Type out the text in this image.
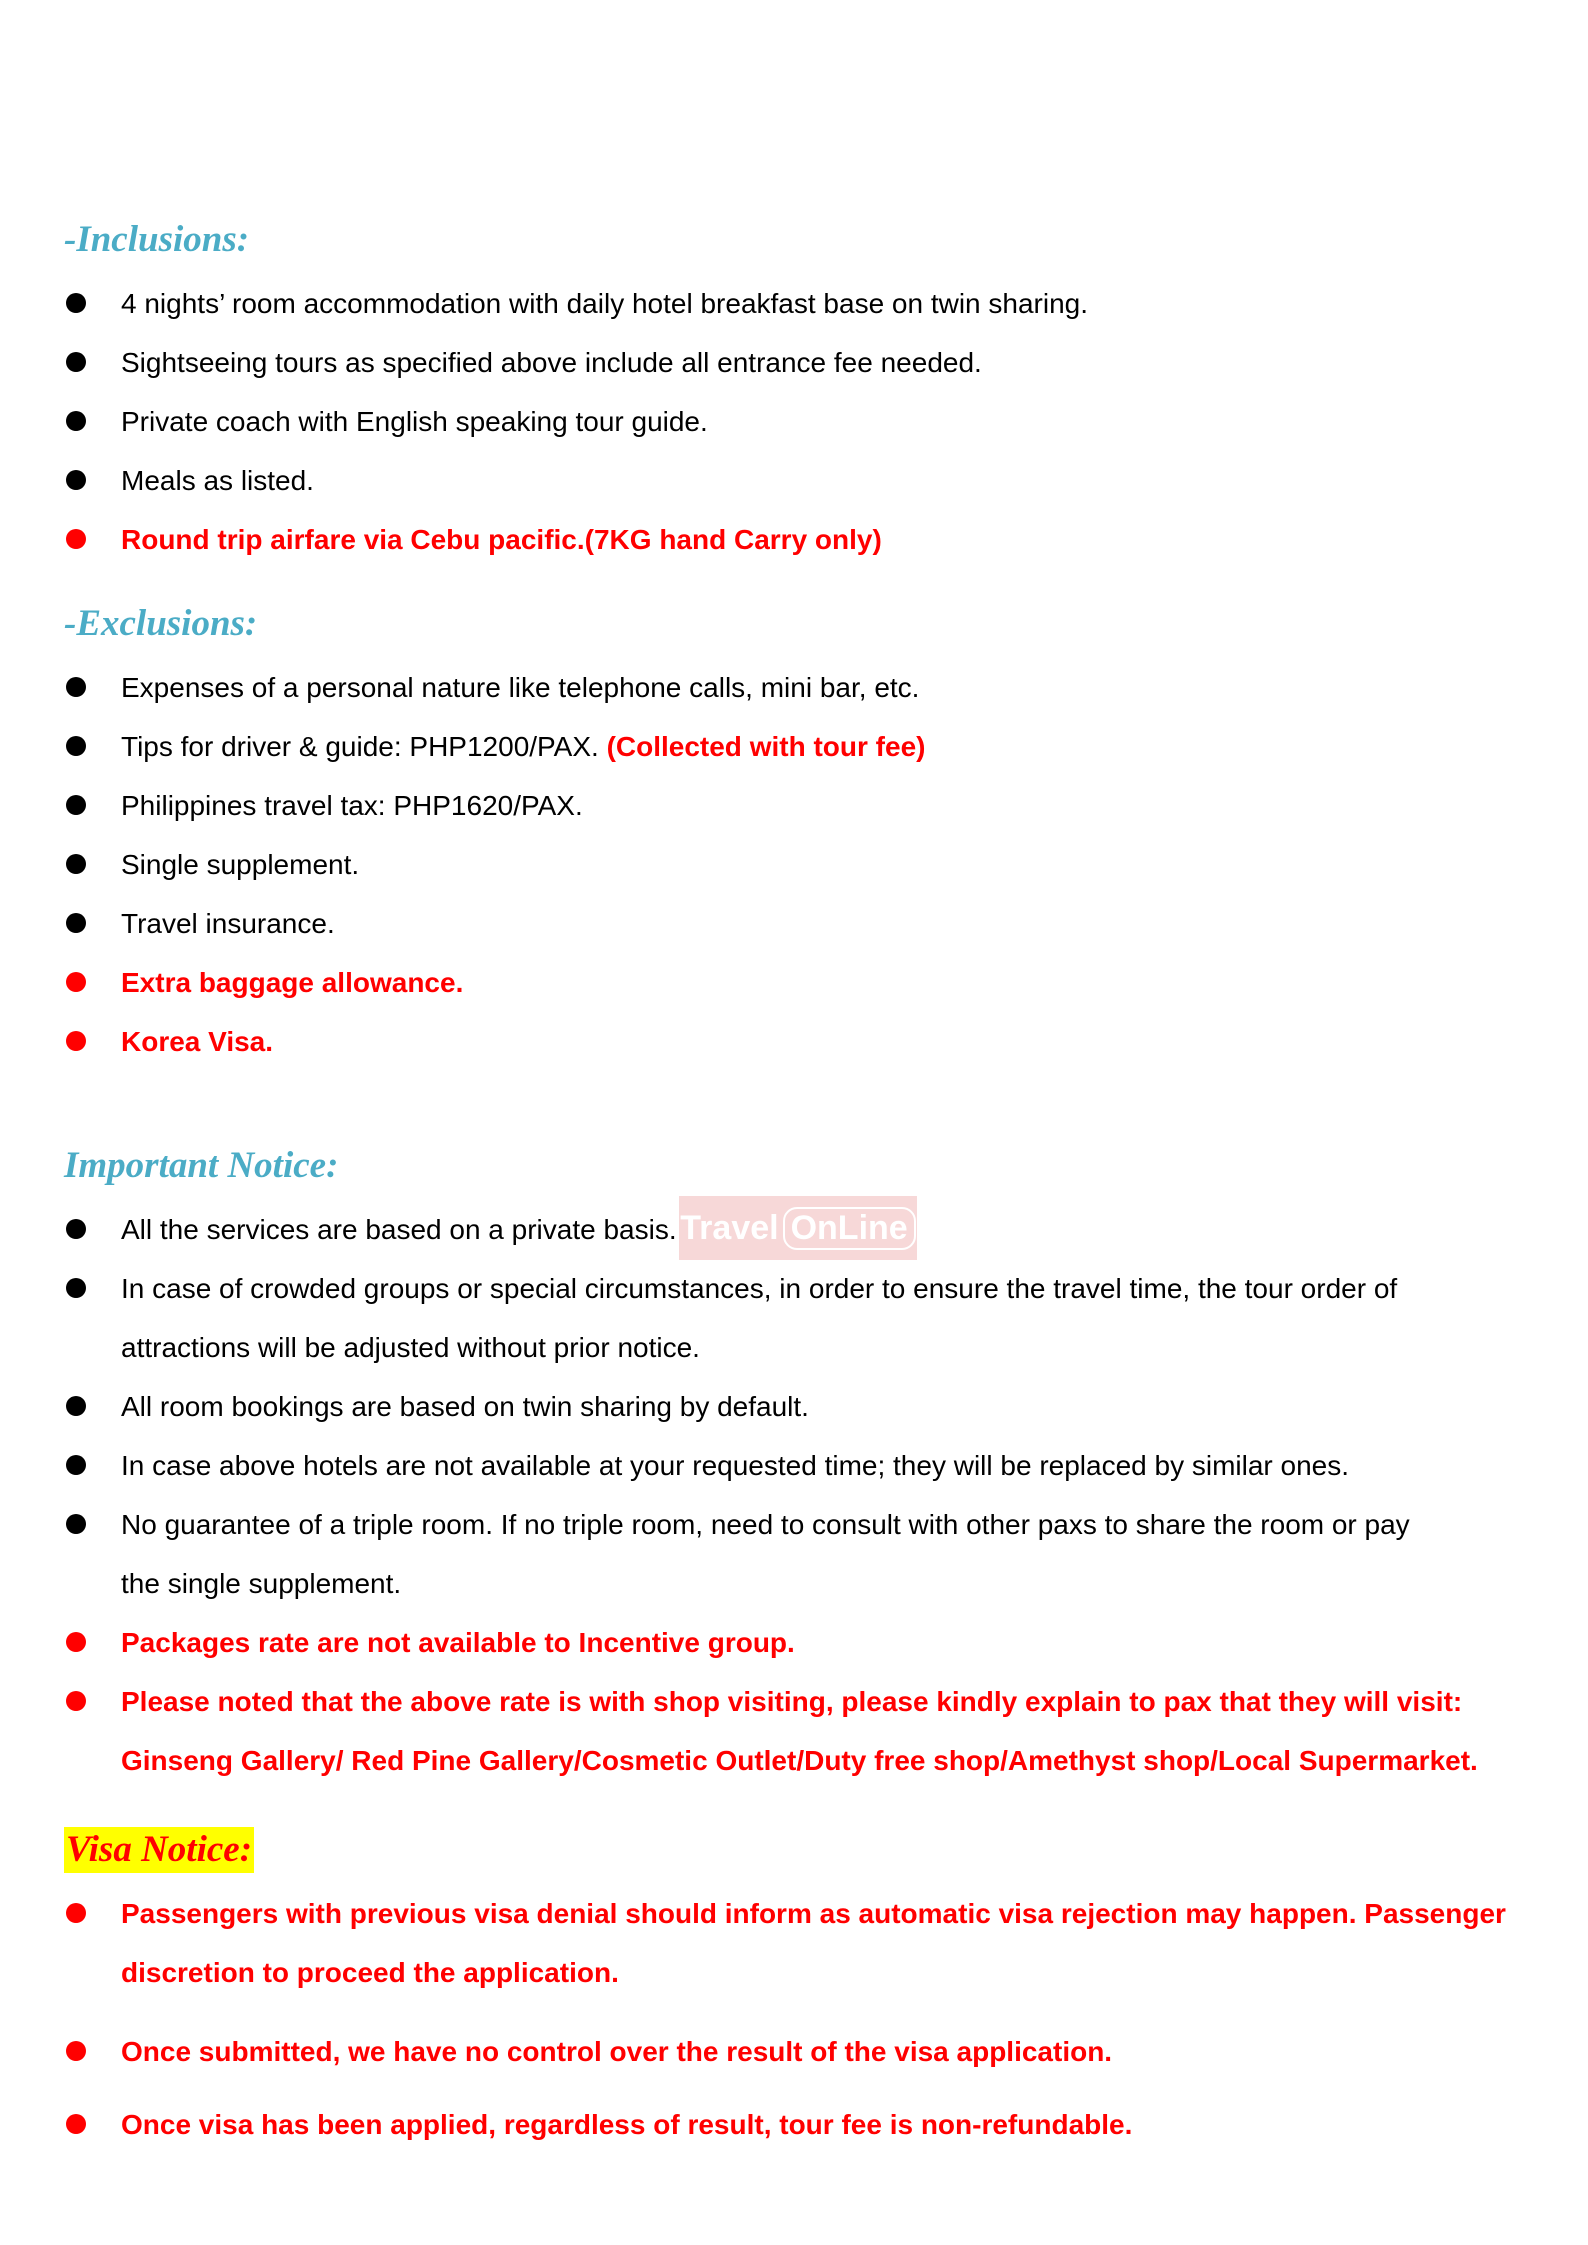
-Inclusions:
4 nights’ room accommodation with daily hotel breakfast base on twin sharing.
Sightseeing tours as specified above include all entrance fee needed.
Private coach with English speaking tour guide.
Meals as listed.
Round trip airfare via Cebu pacific.(7KG hand Carry only)
-Exclusions:
Expenses of a personal nature like telephone calls, mini bar, etc.
Tips for driver & guide: PHP1200/PAX. (Collected with tour fee)
Philippines travel tax: PHP1620/PAX.
Single supplement.
Travel insurance.
Extra baggage allowance.
Korea Visa.
Important Notice:
All the services are based on a private basis.
In case of crowded groups or special circumstances, in order to ensure the travel time, the tour order of
attractions will be adjusted without prior notice.
All room bookings are based on twin sharing by default.
In case above hotels are not available at your requested time; they will be replaced by similar ones.
No guarantee of a triple room. If no triple room, need to consult with other paxs to share the room or pay
the single supplement.
Packages rate are not available to Incentive group.
Please noted that the above rate is with shop visiting, please kindly explain to pax that they will visit:
Ginseng Gallery/ Red Pine Gallery/Cosmetic Outlet/Duty free shop/Amethyst shop/Local Supermarket.
Visa Notice:
Passengers with previous visa denial should inform as automatic visa rejection may happen. Passenger
discretion to proceed the application.
Once submitted, we have no control over the result of the visa application.
Once visa has been applied, regardless of result, tour fee is non-refundable.
Travel OnLine
